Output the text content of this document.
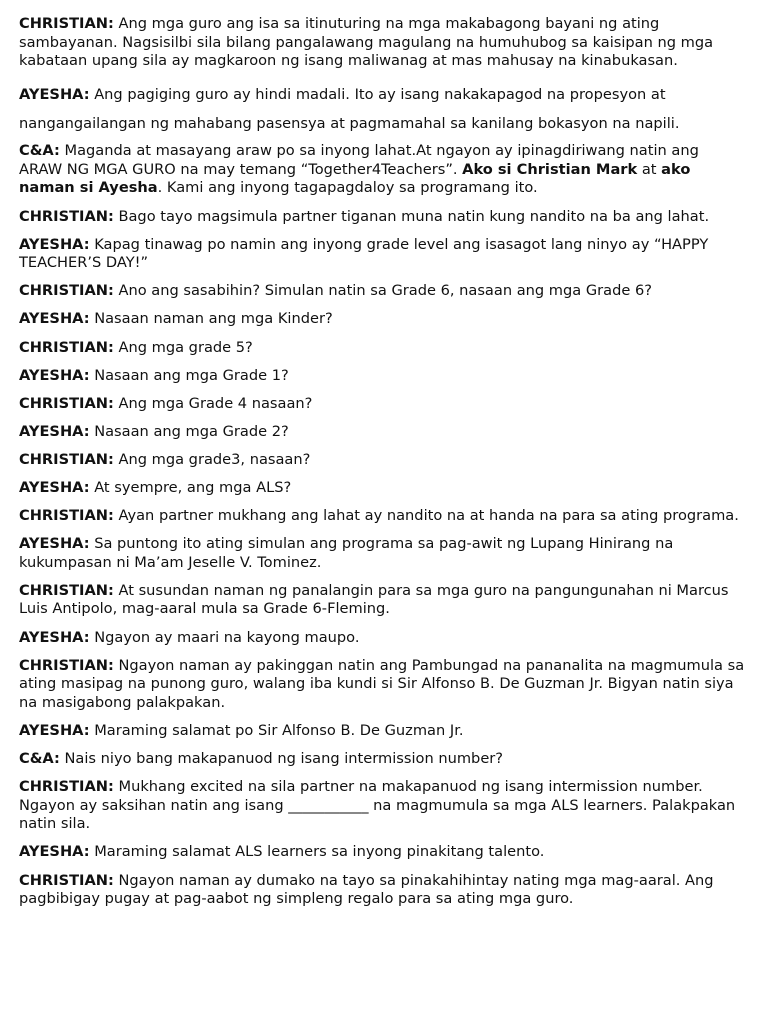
CHRISTIAN: Ang mga guro ang isa sa itinuturing na mga makabagong bayani ng ating sambayanan. Nagsisilbi sila bilang pangalawang magulang na humuhubog sa kaisipan ng mga kabataan upang sila ay magkaroon ng isang maliwanag at mas mahusay na kinabukasan.

AYESHA: Ang pagiging guro ay hindi madali. Ito ay isang nakakapagod na propesyon at nangangailangan ng mahabang pasensya at pagmamahal sa kanilang bokasyon na napili.

C&A: Maganda at masayang araw po sa inyong lahat.At ngayon ay ipinagdiriwang natin ang ARAW NG MGA GURO na may temang “Together4Teachers”. Ako si Christian Mark at ako naman si Ayesha. Kami ang inyong tagapagdaloy sa programang ito.

CHRISTIAN: Bago tayo magsimula partner tiganan muna natin kung nandito na ba ang lahat.

AYESHA: Kapag tinawag po namin ang inyong grade level ang isasagot lang ninyo ay “HAPPY TEACHER’S DAY!”

CHRISTIAN: Ano ang sasabihin? Simulan natin sa Grade 6, nasaan ang mga Grade 6?

AYESHA: Nasaan naman ang mga Kinder?

CHRISTIAN: Ang mga grade 5?

AYESHA: Nasaan ang mga Grade 1?

CHRISTIAN: Ang mga Grade 4 nasaan?

AYESHA: Nasaan ang mga Grade 2?

CHRISTIAN: Ang mga grade3, nasaan?

AYESHA: At syempre, ang mga ALS?

CHRISTIAN: Ayan partner mukhang ang lahat ay nandito na at handa na para sa ating programa.

AYESHA: Sa puntong ito ating simulan ang programa sa pag-awit ng Lupang Hinirang na kukumpasan ni Ma’am Jeselle V. Tominez.

CHRISTIAN: At susundan naman ng panalangin para sa mga guro na pangungunahan ni Marcus Luis Antipolo, mag-aaral mula sa Grade 6-Fleming.

AYESHA: Ngayon ay maari na kayong maupo.

CHRISTIAN: Ngayon naman ay pakinggan natin ang Pambungad na pananalita na magmumula sa ating masipag na punong guro, walang iba kundi si Sir Alfonso B. De Guzman Jr. Bigyan natin siya na masigabong palakpakan.

AYESHA: Maraming salamat po Sir Alfonso B. De Guzman Jr.

C&A: Nais niyo bang makapanuod ng isang intermission number?

CHRISTIAN: Mukhang excited na sila partner na makapanuod ng isang intermission number. Ngayon ay saksihan natin ang isang ___________ na magmumula sa mga ALS learners. Palakpakan natin sila.

AYESHA: Maraming salamat ALS learners sa inyong pinakitang talento.

CHRISTIAN: Ngayon naman ay dumako na tayo sa pinakahihintay nating mga mag-aaral. Ang pagbibigay pugay at pag-aabot ng simpleng regalo para sa ating mga guro.
